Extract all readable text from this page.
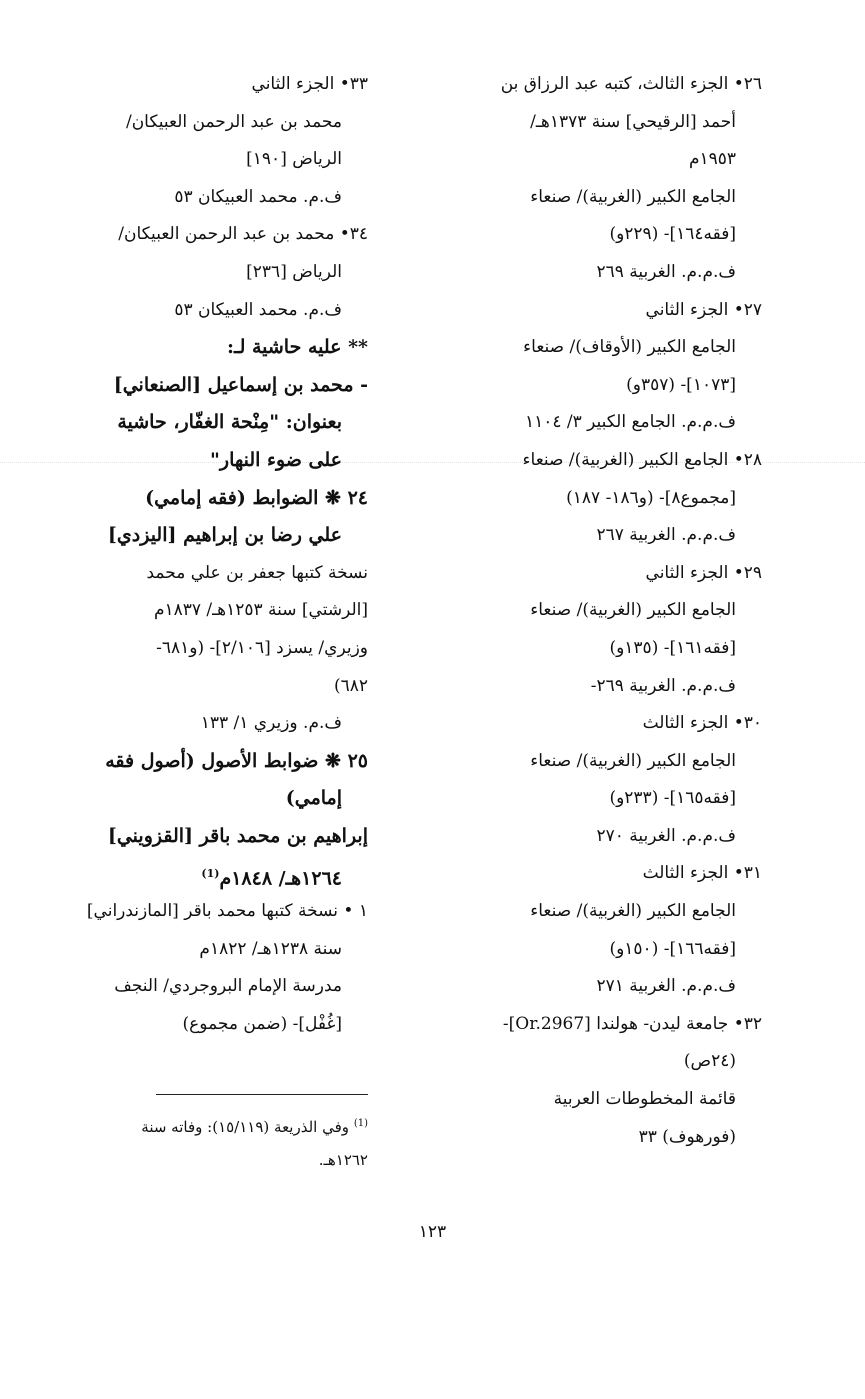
٢٦• الجزء الثالث، كتبه عبد الرزاق بن
أحمد [الرقيحي] سنة ١٣٧٣هـ/
١٩٥٣م
الجامع الكبير (الغربية)/ صنعاء
[فقه١٦٤]- (٢٢٩و)
ف.م.م. الغربية ٢٦٩
٢٧• الجزء الثاني
الجامع الكبير (الأوقاف)/ صنعاء
[١٠٧٣]- (٣٥٧و)
ف.م.م. الجامع الكبير ٣/ ١١٠٤
٢٨• الجامع الكبير (الغربية)/ صنعاء
[مجموع٨]- (و١٨٦- ١٨٧)
ف.م.م. الغربية ٢٦٧
٢٩• الجزء الثاني
الجامع الكبير (الغربية)/ صنعاء
[فقه١٦١]- (١٣٥و)
ف.م.م. الغربية ٢٦٩-
٣٠• الجزء الثالث
الجامع الكبير (الغربية)/ صنعاء
[فقه١٦٥]- (٢٣٣و)
ف.م.م. الغربية ٢٧٠
٣١• الجزء الثالث
الجامع الكبير (الغربية)/ صنعاء
[فقه١٦٦]- (١٥٠و)
ف.م.م. الغربية ٢٧١
٣٢• جامعة ليدن- هولندا [Or.2967]-
(٢٤ص)
قائمة المخطوطات العربية
(فورهوف) ٣٣
٣٣• الجزء الثاني
محمد بن عبد الرحمن العبيكان/
الرياض [١٩٠]
ف.م. محمد العبيكان ٥٣
٣٤• محمد بن عبد الرحمن العبيكان/
الرياض [٢٣٦]
ف.م. محمد العبيكان ٥٣
** عليه حاشية لـ:
- محمد بن إسماعيل [الصنعاني]
بعنوان: "مِنْحة الغفّار، حاشية
على ضوء النهار"
٢٤ ❋ الضوابط (فقه إمامي)
علي رضا بن إبراهيم [اليزدي]
نسخة كتبها جعفر بن علي محمد
[الرشتي] سنة ١٢٥٣هـ/ ١٨٣٧م
وزيري/ يسزد [٢/١٠٦]- (و٦٨١-
٦٨٢)
ف.م. وزيري ١/ ١٣٣
٢٥ ❋ ضوابط الأصول (أصول فقه
إمامي)
إبراهيم بن محمد باقر [القزويني]
١٢٦٤هـ/ ١٨٤٨م$^{(1)}$
١ • نسخة كتبها محمد باقر [المازندراني]
سنة ١٢٣٨هـ/ ١٨٢٢م
مدرسة الإمام البروجردي/ النجف
[غُفْل]- (ضمن مجموع)
$^{(1)}$ وفي الذريعة (١٥/١١٩): وفاته سنة
١٢٦٢هـ.
١٢٣
